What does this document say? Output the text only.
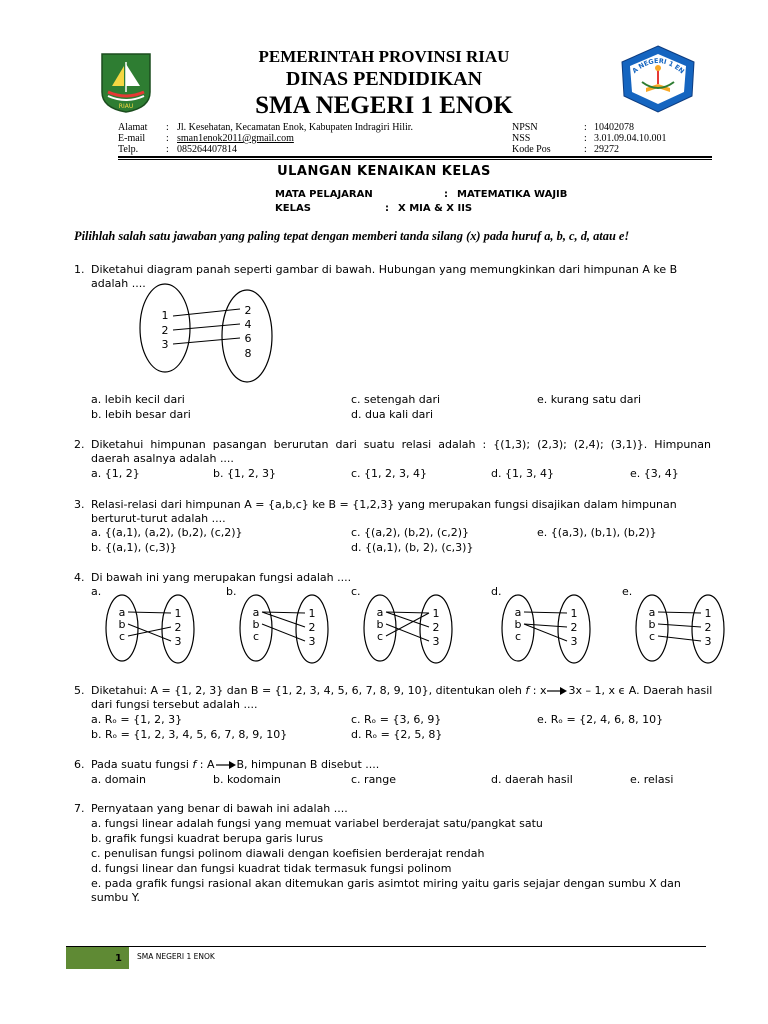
RIAU
PEMERINTAH PROVINSI RIAU
DINAS PENDIDIKAN
SMA NEGERI 1 ENOK
A NEGERI 1 EN
Alamat : Jl. Kesehatan, Kecamatan Enok, Kabupaten Indragiri Hilir.
E-mail : sman1enok2011@gmail.com
Telp.	: 085264407814
NPSN	: 10402078
NSS	: 3.01.09.04.10.001
Kode Pos	: 29272
ULANGAN KENAIKAN KELAS
MATA PELAJARAN	: MATEMATIKA WAJIB
KELAS	: X MIA & X IIS
Pilihlah salah satu jawaban yang paling tepat dengan memberi tanda silang (x) pada huruf a, b, c, d, atau e!
1. Diketahui diagram panah seperti gambar di bawah. Hubungan yang memungkinkan dari himpunan A ke B
adalah ....
1
2
3
2
4
6
8
a. lebih kecil dari
b. lebih besar dari
c. setengah dari
d. dua kali dari
e. kurang satu dari
2. Diketahui himpunan pasangan berurutan dari suatu relasi adalah : {(1,3); (2,3); (2,4); (3,1)}. Himpunan
daerah asalnya adalah ....
a. {1, 2}	b. {1, 2, 3}	c. {1, 2, 3, 4}	d. {1, 3, 4}	e. {3, 4}
3. Relasi-relasi dari himpunan A = {a,b,c} ke B = {1,2,3} yang merupakan fungsi disajikan dalam himpunan
berturut-turut adalah ....
a. {(a,1), (a,2), (b,2), (c,2)}
b. {(a,1), (c,3)}
c. {(a,2), (b,2), (c,2)}
d. {(a,1), (b, 2), (c,3)}
e. {(a,3), (b,1), (b,2)}
4. Di bawah ini yang merupakan fungsi adalah ....
a.	b.	c.	d.	e.
a	1
b	2
c	3
a	1
b	2
c	3
a	1
b	2
c	3
a	1
b	2
c	3
a	1
b	2
c	3
5. Diketahui: A = {1, 2, 3} dan B = {1, 2, 3, 4, 5, 6, 7, 8, 9, 10}, ditentukan oleh f : x 3x – 1, x ϵ A. Daerah hasil
dari fungsi tersebut adalah ....
a. Rₒ = {1, 2, 3}
b. Rₒ = {1, 2, 3, 4, 5, 6, 7, 8, 9, 10}
c. Rₒ = {3, 6, 9}
d. Rₒ = {2, 5, 8}
e. Rₒ = {2, 4, 6, 8, 10}
6. Pada suatu fungsi f : A B, himpunan B disebut ....
a. domain	b. kodomain	c. range	d. daerah hasil	e. relasi
7. Pernyataan yang benar di bawah ini adalah ....
a. fungsi linear adalah fungsi yang memuat variabel berderajat satu/pangkat satu
b. grafik fungsi kuadrat berupa garis lurus
c. penulisan fungsi polinom diawali dengan koefisien berderajat rendah
d. fungsi linear dan fungsi kuadrat tidak termasuk fungsi polinom
e. pada grafik fungsi rasional akan ditemukan garis asimtot miring yaitu garis sejajar dengan sumbu X dan
sumbu Y.
1 SMA NEGERI 1 ENOK
